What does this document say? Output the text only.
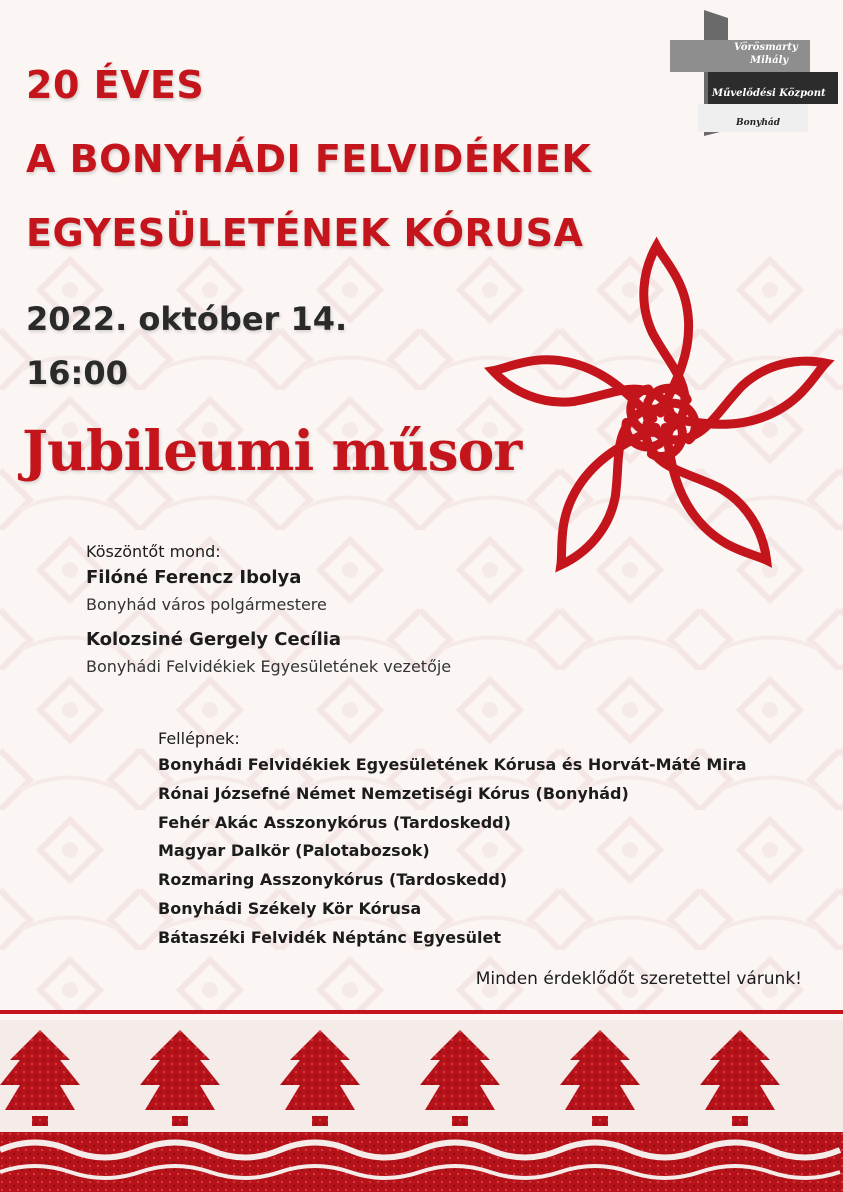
20 ÉVES
A BONYHÁDI FELVIDÉKIEK
EGYESÜLETÉNEK KÓRUSA
Vörösmarty
Mihály
Művelődési Központ
Bonyhád
2022. október 14.
16:00
Jubileumi műsor
Köszöntőt mond:
Filóné Ferencz Ibolya
Bonyhád város polgármestere
Kolozsiné Gergely Cecília
Bonyhádi Felvidékiek Egyesületének vezetője
Fellépnek:
Bonyhádi Felvidékiek Egyesületének Kórusa és Horvát-Máté Mira
Rónai Józsefné Német Nemzetiségi Kórus (Bonyhád)
Fehér Akác Asszonykórus (Tardoskedd)
Magyar Dalkör (Palotabozsok)
Rozmaring Asszonykórus (Tardoskedd)
Bonyhádi Székely Kör Kórusa
Bátaszéki Felvidék Néptánc Egyesület
Minden érdeklődőt szeretettel várunk!
